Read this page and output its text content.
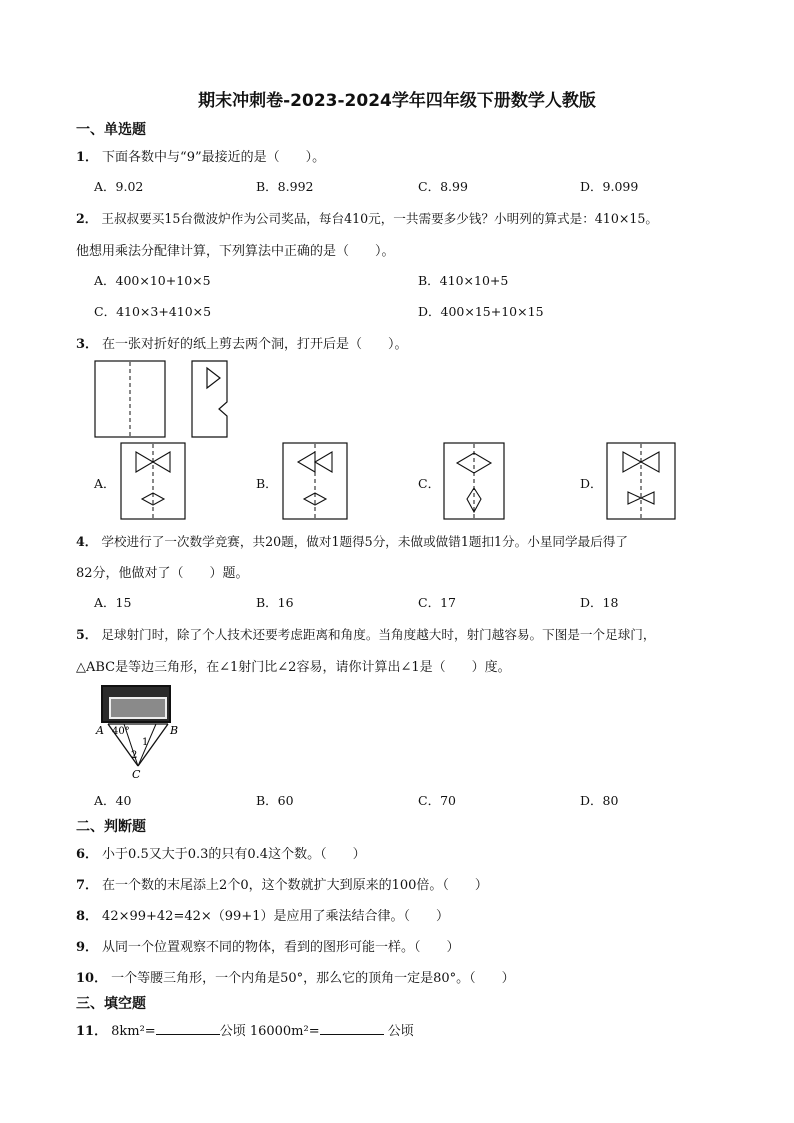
期末冲刺卷-2023-2024学年四年级下册数学人教版
一、单选题
1． 下面各数中与“9”最接近的是（　　）。
A．9.02	B．8.992	C．8.99	D．9.099
2． 王叔叔要买15台微波炉作为公司奖品，每台410元，一共需要多少钱？小明列的算式是：410×15。
他想用乘法分配律计算，下列算法中正确的是（　　）。
A．400×10+10×5	B．410×10+5
C．410×3+410×5	D．400×15+10×15
3． 在一张对折好的纸上剪去两个洞，打开后是（　　）。
A．	B．	C．	D．
4． 学校进行了一次数学竞赛，共20题，做对1题得5分，未做或做错1题扣1分。小星同学最后得了
82分，他做对了（　　）题。
A．15	B．16	C．17	D．18
5． 足球射门时，除了个人技术还要考虑距离和角度。当角度越大时，射门越容易。下图是一个足球门，
△ABC是等边三角形，在∠1射门比∠2容易，请你计算出∠1是（　　）度。
A	B
C
40°
1
2
A．40	B．60	C．70	D．80
二、判断题
6． 小于0.5又大于0.3的只有0.4这个数。（　　）
7． 在一个数的末尾添上2个0，这个数就扩大到原来的100倍。（　　）
8． 42×99+42=42×（99+1）是应用了乘法结合律。（　　）
9． 从同一个位置观察不同的物体，看到的图形可能一样。（　　）
10． 一个等腰三角形，一个内角是50°，那么它的顶角一定是80°。（　　）
三、填空题
11． 8km²=	公顷 16000m²=	公顷
